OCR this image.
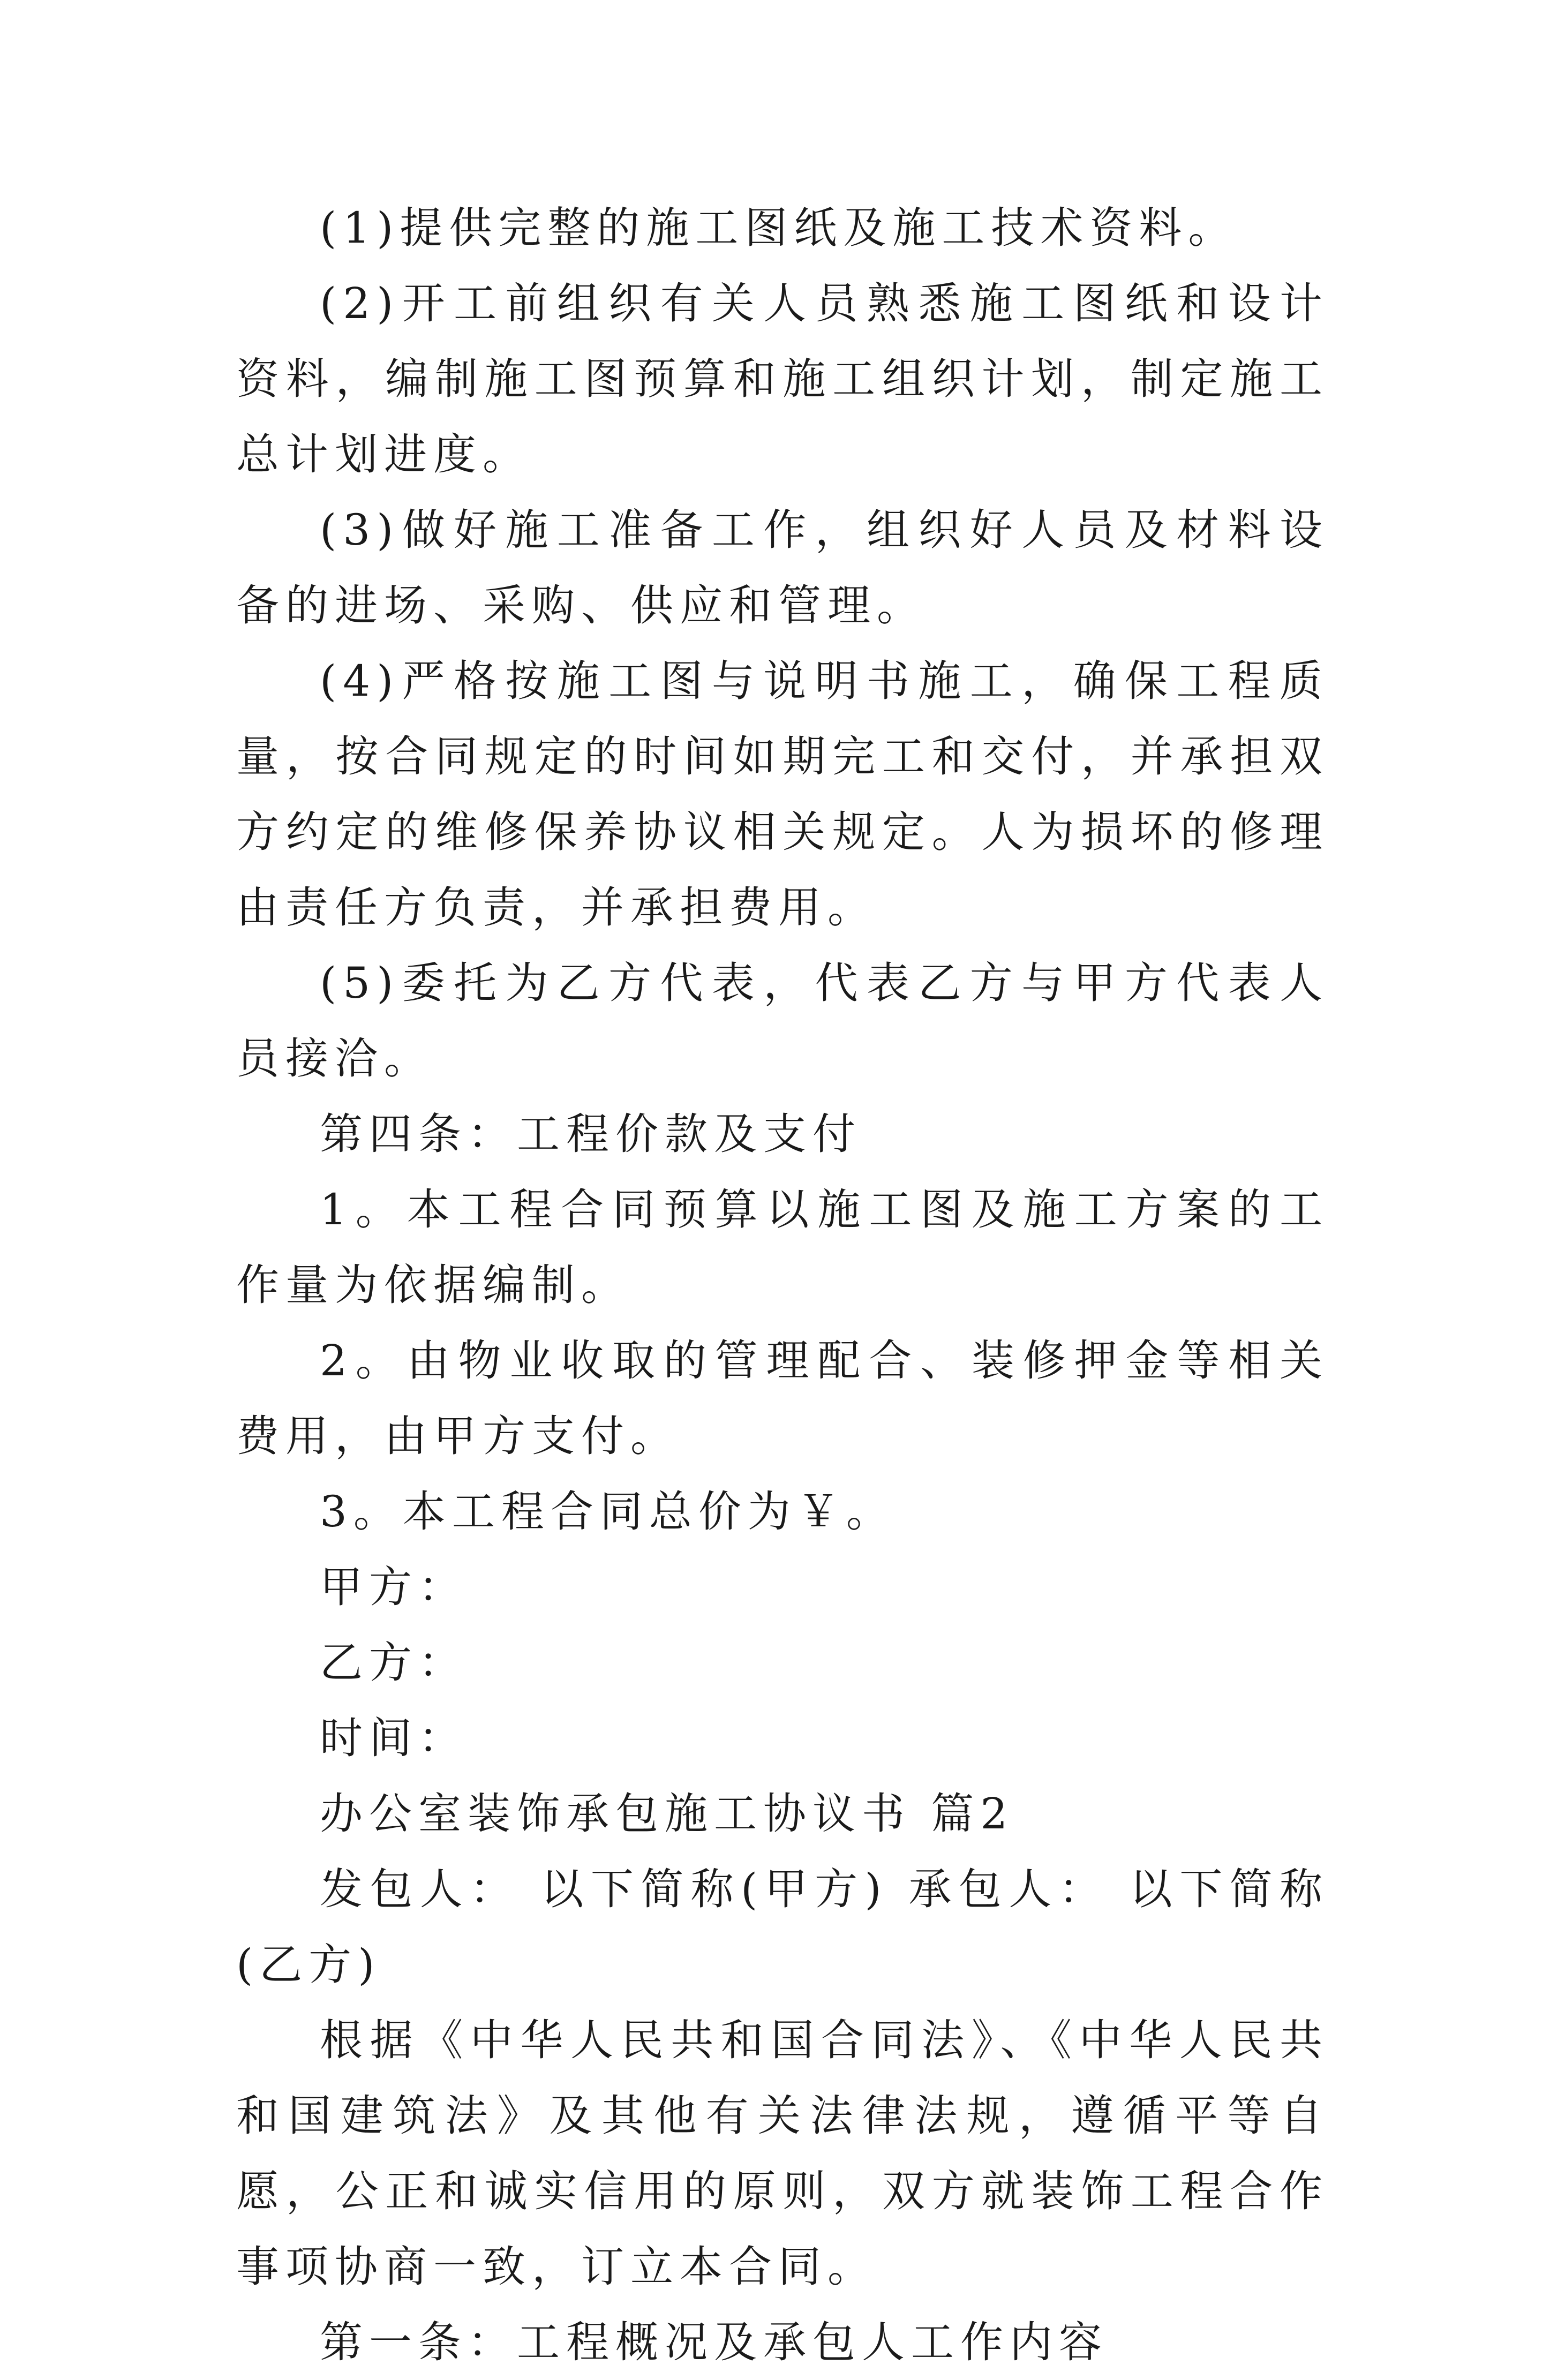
(1)提供完整的施工图纸及施工技术资料。

(2)开工前组织有关人员熟悉施工图纸和设计资料，编制施工图预算和施工组织计划，制定施工总计划进度。

(3)做好施工准备工作，组织好人员及材料设备的进场、采购、供应和管理。

(4)严格按施工图与说明书施工，确保工程质量，按合同规定的时间如期完工和交付，并承担双方约定的维修保养协议相关规定。人为损坏的修理由责任方负责，并承担费用。

(5)委托为乙方代表，代表乙方与甲方代表人员接洽。

第四条：工程价款及支付

1。本工程合同预算以施工图及施工方案的工作量为依据编制。

2。由物业收取的管理配合、装修押金等相关费用，由甲方支付。

3。本工程合同总价为￥。

甲方：

乙方：

时间：

办公室装饰承包施工协议书 篇2

发包人： 以下简称(甲方) 承包人： 以下简称(乙方)

根据《中华人民共和国合同法》、《中华人民共和国建筑法》及其他有关法律法规，遵循平等自愿，公正和诚实信用的原则，双方就装饰工程合作事项协商一致，订立本合同。

第一条：工程概况及承包人工作内容
